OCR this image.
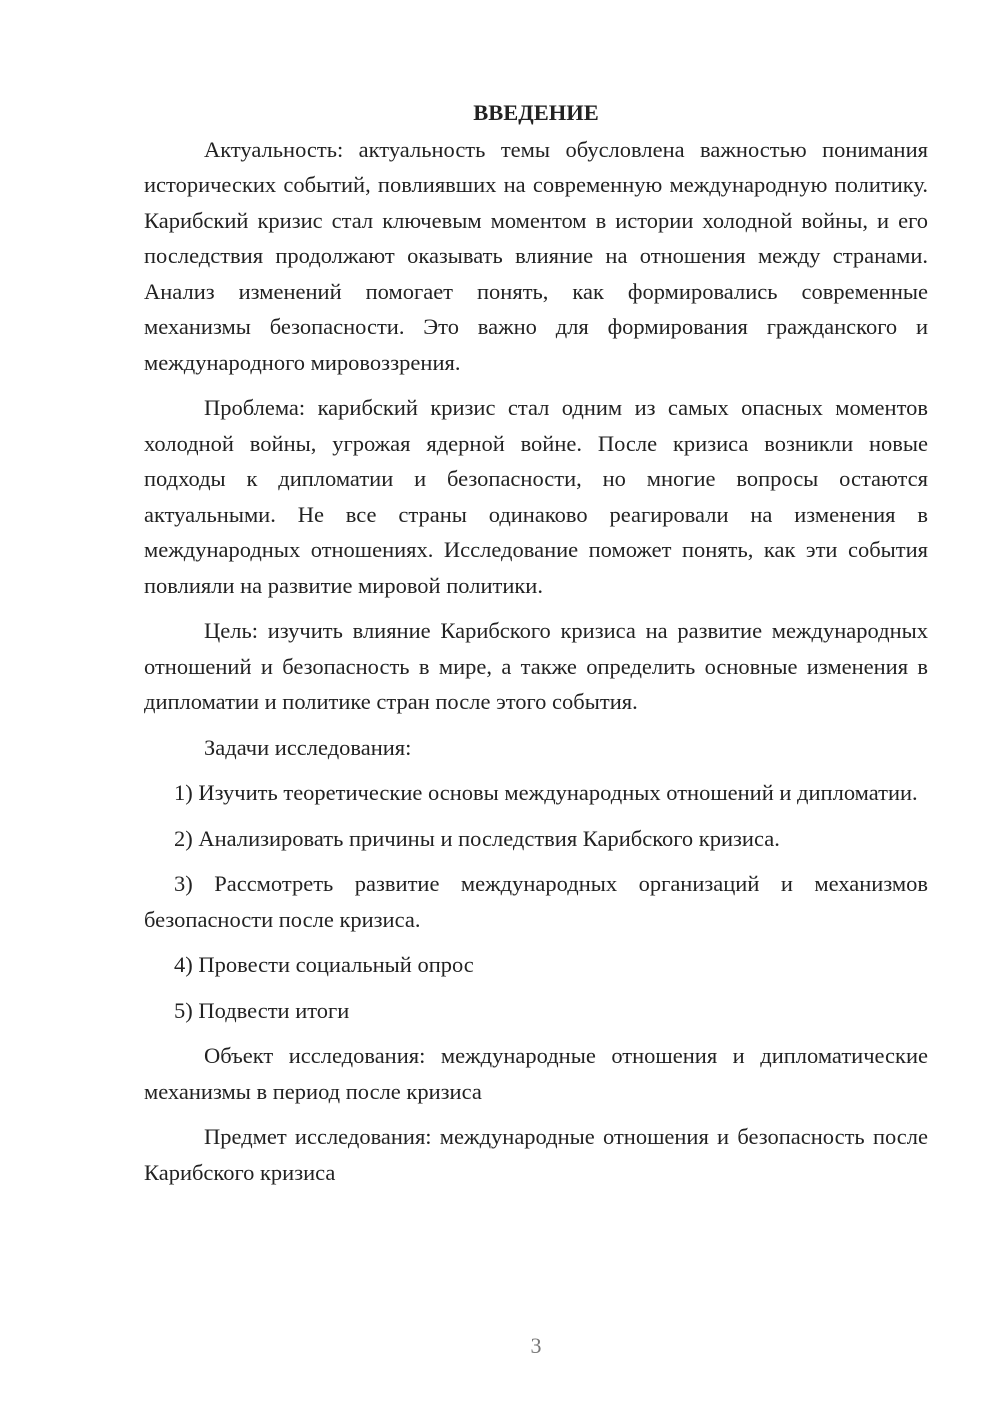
ВВЕДЕНИЕ

Актуальность: актуальность темы обусловлена важностью понимания исторических событий, повлиявших на современную международную политику. Карибский кризис стал ключевым моментом в истории холодной войны, и его последствия продолжают оказывать влияние на отношения между странами. Анализ изменений помогает понять, как формировались современные механизмы безопасности. Это важно для формирования гражданского и международного мировоззрения.

Проблема: карибский кризис стал одним из самых опасных моментов холодной войны, угрожая ядерной войне. После кризиса возникли новые подходы к дипломатии и безопасности, но многие вопросы остаются актуальными. Не все страны одинаково реагировали на изменения в международных отношениях. Исследование поможет понять, как эти события повлияли на развитие мировой политики.

Цель: изучить влияние Карибского кризиса на развитие международных отношений и безопасность в мире, а также определить основные изменения в дипломатии и политике стран после этого события.

Задачи исследования:

1) Изучить теоретические основы международных отношений и дипломатии.

2) Анализировать причины и последствия Карибского кризиса.

3) Рассмотреть развитие международных организаций и механизмов безопасности после кризиса.

4) Провести социальный опрос

5) Подвести итоги

Объект исследования: международные отношения и дипломатические механизмы в период после кризиса

Предмет исследования: международные отношения и безопасность после Карибского кризиса

3
